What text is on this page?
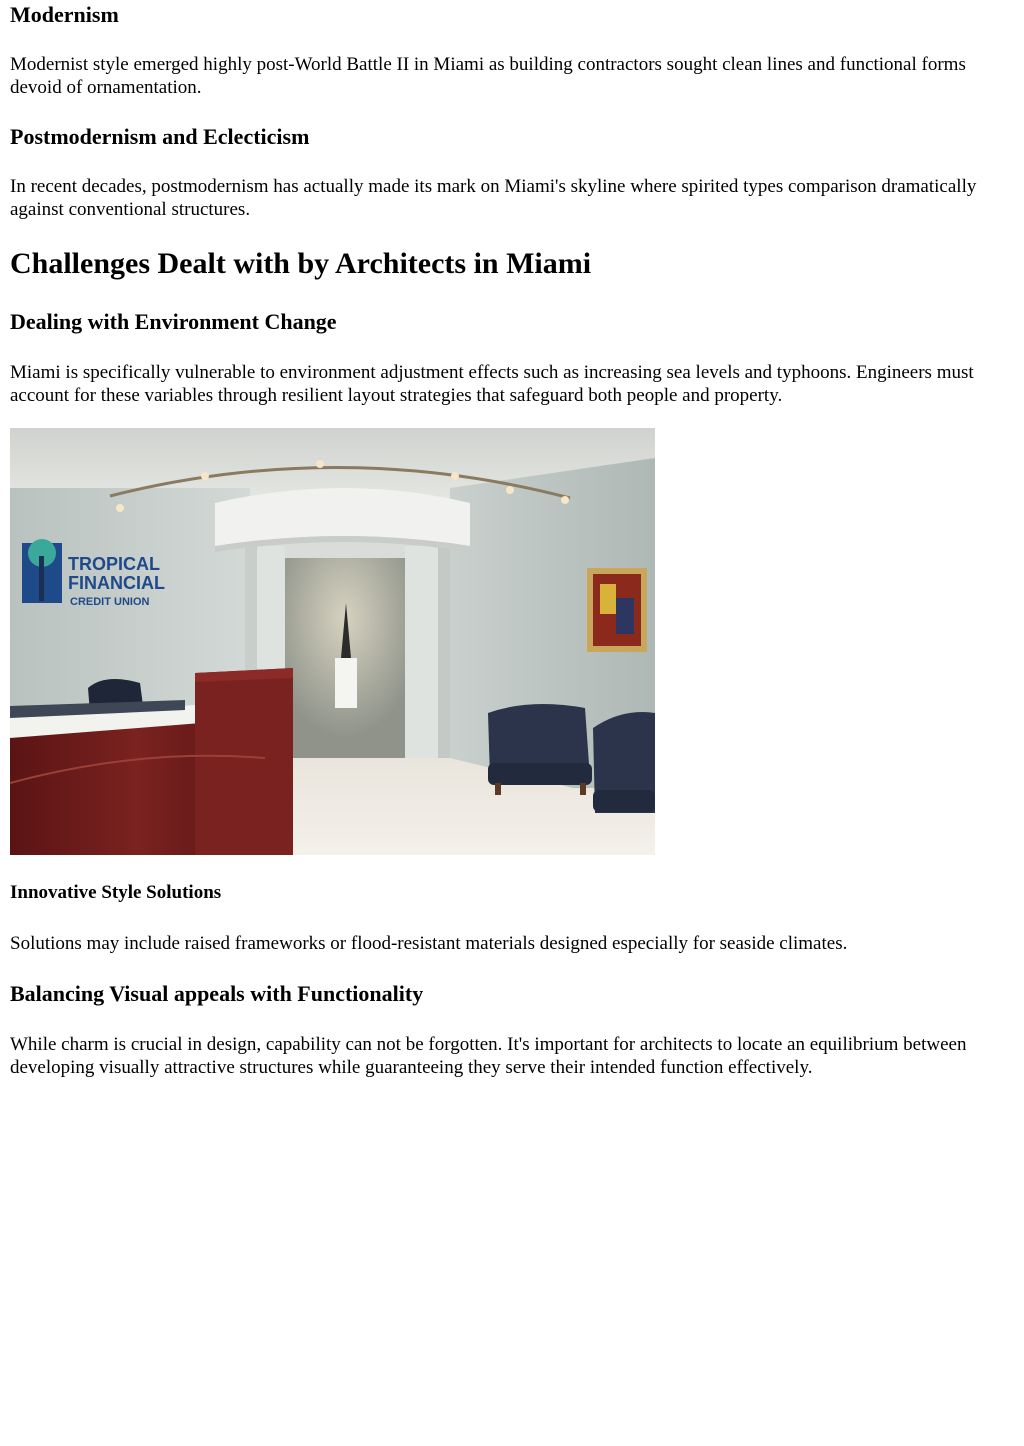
Modernism

Modernist style emerged highly post-World Battle II in Miami as building contractors sought clean lines and functional forms devoid of ornamentation.

Postmodernism and Eclecticism

In recent decades, postmodernism has actually made its mark on Miami's skyline where spirited types comparison dramatically against conventional structures.

Challenges Dealt with by Architects in Miami
Dealing with Environment Change

Miami is specifically vulnerable to environment adjustment effects such as increasing sea levels and typhoons. Engineers must account for these variables through resilient layout strategies that safeguard both people and property.

TROPICAL
FINANCIAL
CREDIT UNION
Innovative Style Solutions

Solutions may include raised frameworks or flood-resistant materials designed especially for seaside climates.

Balancing Visual appeals with Functionality

While charm is crucial in design, capability can not be forgotten. It's important for architects to locate an equilibrium between developing visually attractive structures while guaranteeing they serve their intended function effectively.
